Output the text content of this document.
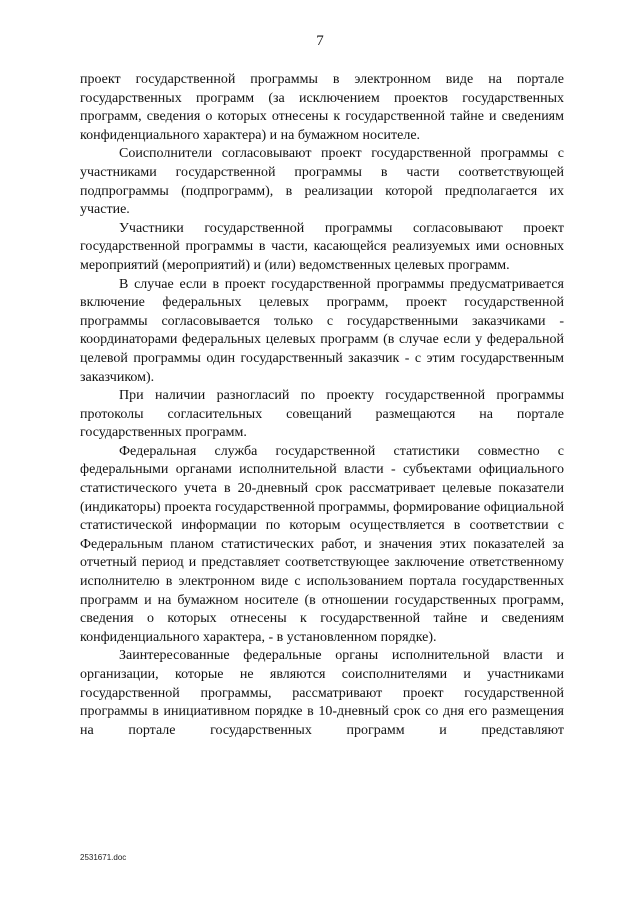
7

проект государственной программы в электронном виде на портале государственных программ (за исключением проектов государственных программ, сведения о которых отнесены к государственной тайне и сведениям конфиденциального характера) и на бумажном носителе.

Соисполнители согласовывают проект государственной программы с участниками государственной программы в части соответствующей подпрограммы (подпрограмм), в реализации которой предполагается их участие.

Участники государственной программы согласовывают проект государственной программы в части, касающейся реализуемых ими основных мероприятий (мероприятий) и (или) ведомственных целевых программ.

В случае если в проект государственной программы предусматривается включение федеральных целевых программ, проект государственной программы согласовывается только с государственными заказчиками - координаторами федеральных целевых программ (в случае если у федеральной целевой программы один государственный заказчик - с этим государственным заказчиком).

При наличии разногласий по проекту государственной программы протоколы согласительных совещаний размещаются на портале государственных программ.

Федеральная служба государственной статистики совместно с федеральными органами исполнительной власти - субъектами официального статистического учета в 20-дневный срок рассматривает целевые показатели (индикаторы) проекта государственной программы, формирование официальной статистической информации по которым осуществляется в соответствии с Федеральным планом статистических работ, и значения этих показателей за отчетный период и представляет соответствующее заключение ответственному исполнителю в электронном виде с использованием портала государственных программ и на бумажном носителе (в отношении государственных программ, сведения о которых отнесены к государственной тайне и сведениям конфиденциального характера, - в установленном порядке).

Заинтересованные федеральные органы исполнительной власти и организации, которые не являются соисполнителями и участниками государственной программы, рассматривают проект государственной программы в инициативном порядке в 10-дневный срок со дня его размещения на портале государственных программ и представляют

2531671.doc
